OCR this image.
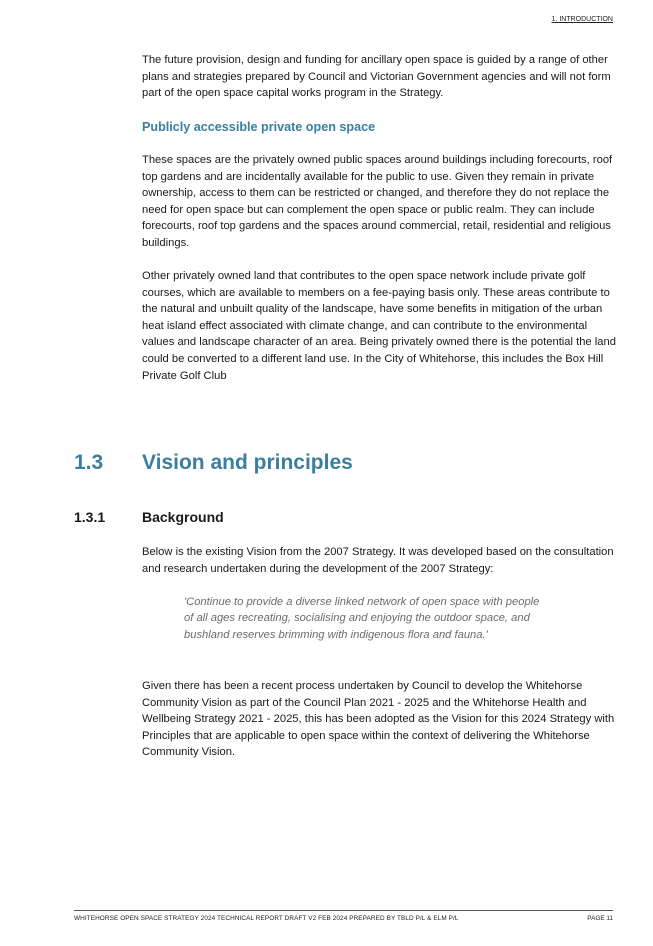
1. INTRODUCTION

The future provision, design and funding for ancillary open space is guided by a range of other plans and strategies prepared by Council and Victorian Government agencies and will not form part of the open space capital works program in the Strategy.

Publicly accessible private open space

These spaces are the privately owned public spaces around buildings including forecourts, roof top gardens and are incidentally available for the public to use. Given they remain in private ownership, access to them can be restricted or changed, and therefore they do not replace the need for open space but can complement the open space or public realm. They can include forecourts, roof top gardens and the spaces around commercial, retail, residential and religious buildings.

Other privately owned land that contributes to the open space network include private golf courses, which are available to members on a fee-paying basis only. These areas contribute to the natural and unbuilt quality of the landscape, have some benefits in mitigation of the urban heat island effect associated with climate change, and can contribute to the environmental values and landscape character of an area. Being privately owned there is the potential the land could be converted to a different land use. In the City of Whitehorse, this includes the Box Hill Private Golf Club

1.3 Vision and principles
1.3.1	Background

Below is the existing Vision from the 2007 Strategy. It was developed based on the consultation and research undertaken during the development of the 2007 Strategy:

'Continue to provide a diverse linked network of open space with people of all ages recreating, socialising and enjoying the outdoor space, and bushland reserves brimming with indigenous flora and fauna.'

Given there has been a recent process undertaken by Council to develop the Whitehorse Community Vision as part of the Council Plan 2021 - 2025 and the Whitehorse Health and Wellbeing Strategy 2021 - 2025, this has been adopted as the Vision for this 2024 Strategy with Principles that are applicable to open space within the context of delivering the Whitehorse Community Vision.

WHITEHORSE OPEN SPACE STRATEGY 2024 TECHNICAL REPORT DRAFT V2 FEB 2024 PREPARED BY TBLD P/L & ELM P/L	PAGE 11
